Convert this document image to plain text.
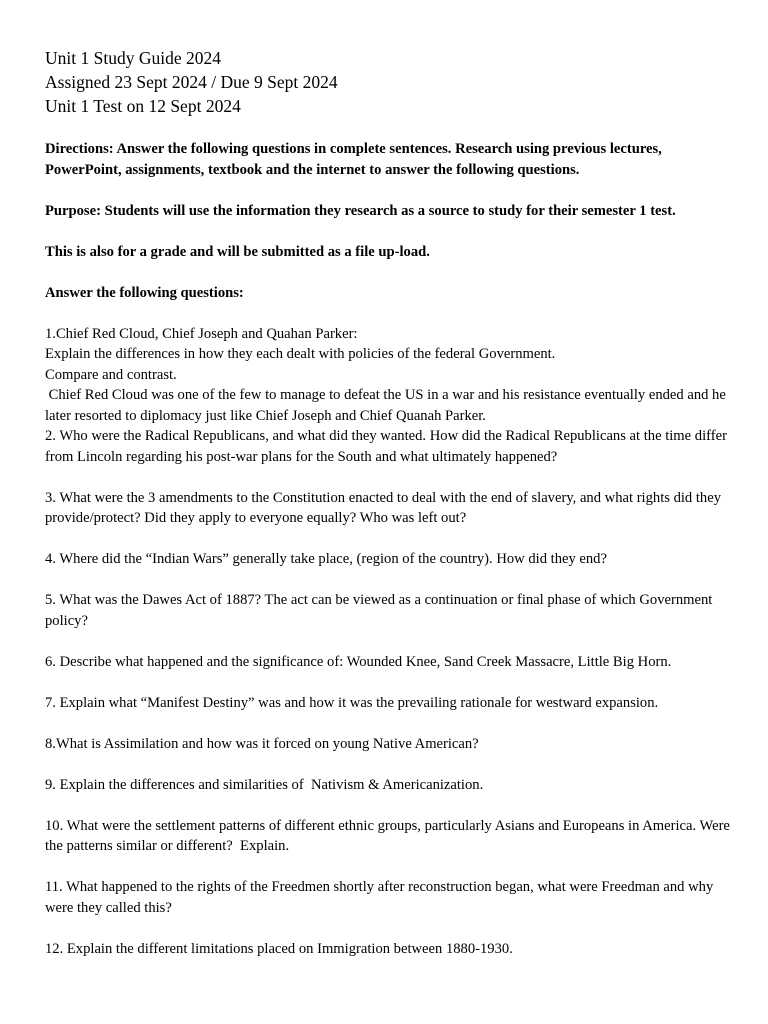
Unit 1 Study Guide 2024

Assigned 23 Sept 2024 / Due 9 Sept 2024

Unit 1 Test on 12 Sept 2024

Directions: Answer the following questions in complete sentences. Research using previous lectures, PowerPoint, assignments, textbook and the internet to answer the following questions.

Purpose: Students will use the information they research as a source to study for their semester 1 test.

This is also for a grade and will be submitted as a file up-load.

Answer the following questions:

1.Chief Red Cloud, Chief Joseph and Quahan Parker:

Explain the differences in how they each dealt with policies of the federal Government.

Compare and contrast.

Chief Red Cloud was one of the few to manage to defeat the US in a war and his resistance eventually ended and he later resorted to diplomacy just like Chief Joseph and Chief Quanah Parker.

2. Who were the Radical Republicans, and what did they wanted. How did the Radical Republicans at the time differ from Lincoln regarding his post-war plans for the South and what ultimately happened?

3. What were the 3 amendments to the Constitution enacted to deal with the end of slavery, and what rights did they provide/protect? Did they apply to everyone equally? Who was left out?

4. Where did the “Indian Wars” generally take place, (region of the country). How did they end?

5. What was the Dawes Act of 1887? The act can be viewed as a continuation or final phase of which Government policy?

6. Describe what happened and the significance of: Wounded Knee, Sand Creek Massacre, Little Big Horn.

7. Explain what “Manifest Destiny” was and how it was the prevailing rationale for westward expansion.

8.What is Assimilation and how was it forced on young Native American?

9. Explain the differences and similarities of  Nativism & Americanization.

10. What were the settlement patterns of different ethnic groups, particularly Asians and Europeans in America. Were the patterns similar or different?  Explain.

11. What happened to the rights of the Freedmen shortly after reconstruction began, what were Freedman and why were they called this?

12. Explain the different limitations placed on Immigration between 1880-1930.
